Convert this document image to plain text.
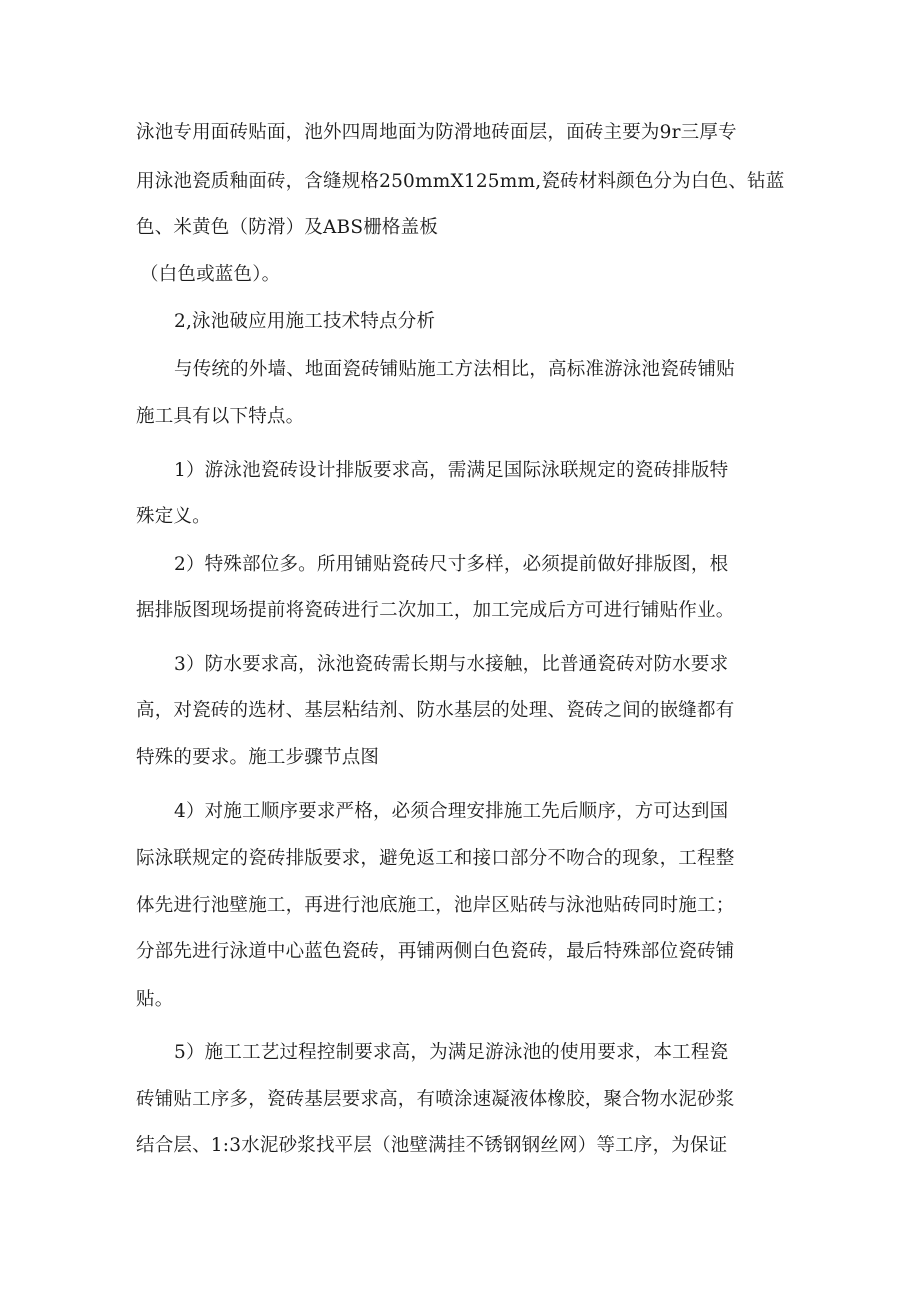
泳池专用面砖贴面，池外四周地面为防滑地砖面层，面砖主要为9r三厚专
用泳池瓷质釉面砖，含缝规格250mmX125mm,瓷砖材料颜色分为白色、钻蓝
色、米黄色（防滑）及ABS栅格盖板
（白色或蓝色）。
2,泳池破应用施工技术特点分析
与传统的外墙、地面瓷砖铺贴施工方法相比，高标准游泳池瓷砖铺贴
施工具有以下特点。
1）游泳池瓷砖设计排版要求高，需满足国际泳联规定的瓷砖排版特
殊定义。
2）特殊部位多。所用铺贴瓷砖尺寸多样，必须提前做好排版图，根
据排版图现场提前将瓷砖进行二次加工，加工完成后方可进行铺贴作业。
3）防水要求高，泳池瓷砖需长期与水接触，比普通瓷砖对防水要求
高，对瓷砖的选材、基层粘结剂、防水基层的处理、瓷砖之间的嵌缝都有
特殊的要求。施工步骤节点图
4）对施工顺序要求严格，必须合理安排施工先后顺序，方可达到国
际泳联规定的瓷砖排版要求，避免返工和接口部分不吻合的现象，工程整
体先进行池壁施工，再进行池底施工，池岸区贴砖与泳池贴砖同时施工；
分部先进行泳道中心蓝色瓷砖，再铺两侧白色瓷砖，最后特殊部位瓷砖铺
贴。
5）施工工艺过程控制要求高，为满足游泳池的使用要求，本工程瓷
砖铺贴工序多，瓷砖基层要求高，有喷涂速凝液体橡胶，聚合物水泥砂浆
结合层、1:3水泥砂浆找平层（池壁满挂不锈钢钢丝网）等工序，为保证
